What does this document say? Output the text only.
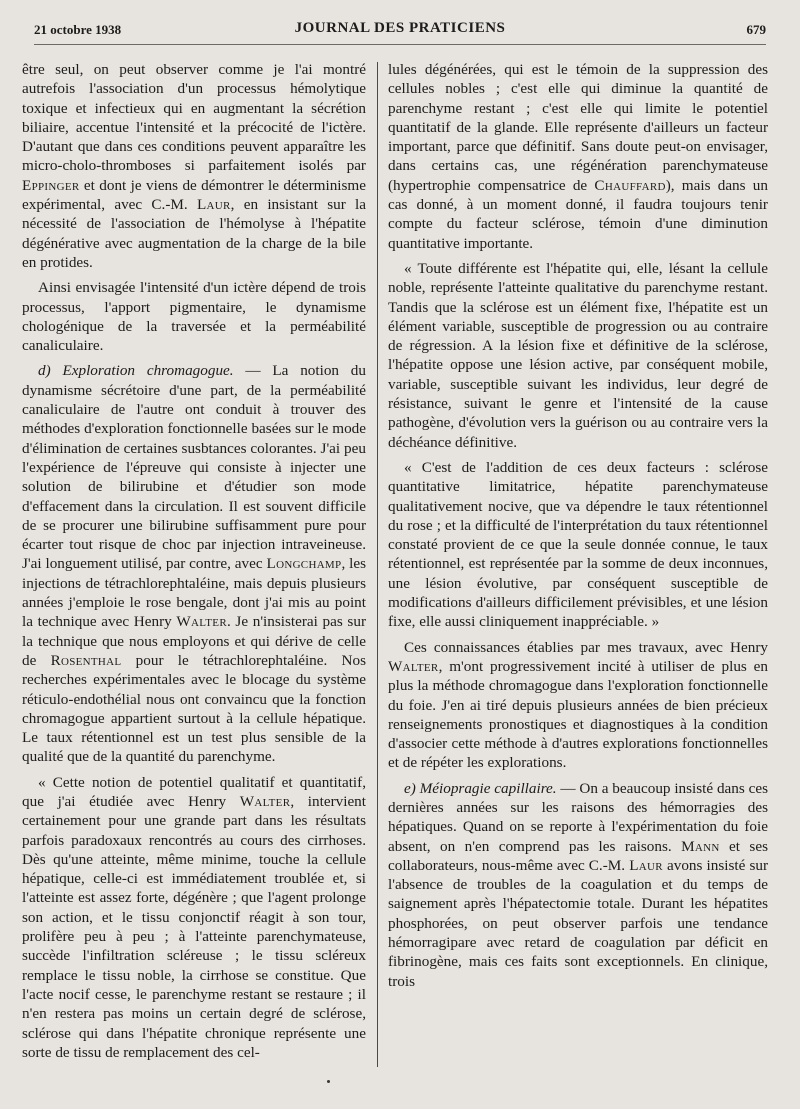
21 octobre 1938	JOURNAL DES PRATICIENS	679

être seul, on peut observer comme je l'ai montré autrefois l'association d'un processus hémolytique toxique et infectieux qui en augmentant la sécrétion biliaire, accentue l'intensité et la précocité de l'ictère. D'autant que dans ces conditions peuvent apparaître les micro-cholo-thromboses si parfaitement isolés par Eppinger et dont je viens de démontrer le déterminisme expérimental, avec C.-M. Laur, en insistant sur la nécessité de l'association de l'hémolyse à l'hépatite dégénérative avec augmentation de la charge de la bile en protides.

Ainsi envisagée l'intensité d'un ictère dépend de trois processus, l'apport pigmentaire, le dynamisme chologénique de la traversée et la perméabilité canaliculaire.

d) Exploration chromagogue. — La notion du dynamisme sécrétoire d'une part, de la perméabilité canaliculaire de l'autre ont conduit à trouver des méthodes d'exploration fonctionnelle basées sur le mode d'élimination de certaines susbtances colorantes. J'ai peu l'expérience de l'épreuve qui consiste à injecter une solution de bilirubine et d'étudier son mode d'effacement dans la circulation. Il est souvent difficile de se procurer une bilirubine suffisamment pure pour écarter tout risque de choc par injection intraveineuse. J'ai longuement utilisé, par contre, avec Longchamp, les injections de tétrachlorephtaléine, mais depuis plusieurs années j'emploie le rose bengale, dont j'ai mis au point la technique avec Henry Walter. Je n'insisterai pas sur la technique que nous employons et qui dérive de celle de Rosenthal pour le tétrachlorephtaléine. Nos recherches expérimentales avec le blocage du système réticulo-endothélial nous ont convaincu que la fonction chromagogue appartient surtout à la cellule hépatique. Le taux rétentionnel est un test plus sensible de la qualité que de la quantité du parenchyme.

« Cette notion de potentiel qualitatif et quantitatif, que j'ai étudiée avec Henry Walter, intervient certainement pour une grande part dans les résultats parfois paradoxaux rencontrés au cours des cirrhoses. Dès qu'une atteinte, même minime, touche la cellule hépatique, celle-ci est immédiatement troublée et, si l'atteinte est assez forte, dégénère ; que l'agent prolonge son action, et le tissu conjonctif réagit à son tour, prolifère peu à peu ; à l'atteinte parenchymateuse, succède l'infiltration scléreuse ; le tissu scléreux remplace le tissu noble, la cirrhose se constitue. Que l'acte nocif cesse, le parenchyme restant se restaure ; il n'en restera pas moins un certain degré de sclérose, sclérose qui dans l'hépatite chronique représente une sorte de tissu de remplacement des cel-

lules dégénérées, qui est le témoin de la suppression des cellules nobles ; c'est elle qui diminue la quantité de parenchyme restant ; c'est elle qui limite le potentiel quantitatif de la glande. Elle représente d'ailleurs un facteur important, parce que définitif. Sans doute peut-on envisager, dans certains cas, une régénération parenchymateuse (hypertrophie compensatrice de Chauffard), mais dans un cas donné, à un moment donné, il faudra toujours tenir compte du facteur sclérose, témoin d'une diminution quantitative importante.

« Toute différente est l'hépatite qui, elle, lésant la cellule noble, représente l'atteinte qualitative du parenchyme restant. Tandis que la sclérose est un élément fixe, l'hépatite est un élément variable, susceptible de progression ou au contraire de régression. A la lésion fixe et définitive de la sclérose, l'hépatite oppose une lésion active, par conséquent mobile, variable, susceptible suivant les individus, leur degré de résistance, suivant le genre et l'intensité de la cause pathogène, d'évolution vers la guérison ou au contraire vers la déchéance définitive.

« C'est de l'addition de ces deux facteurs : sclérose quantitative limitatrice, hépatite parenchymateuse qualitativement nocive, que va dépendre le taux rétentionnel du rose ; et la difficulté de l'interprétation du taux rétentionnel constaté provient de ce que la seule donnée connue, le taux rétentionnel, est représentée par la somme de deux inconnues, une lésion évolutive, par conséquent susceptible de modifications d'ailleurs difficilement prévisibles, et une lésion fixe, elle aussi cliniquement inappréciable. »

Ces connaissances établies par mes travaux, avec Henry Walter, m'ont progressivement incité à utiliser de plus en plus la méthode chromagogue dans l'exploration fonctionnelle du foie. J'en ai tiré depuis plusieurs années de bien précieux renseignements pronostiques et diagnostiques à la condition d'associer cette méthode à d'autres explorations fonctionnelles et de répéter les explorations.

e) Méiopragie capillaire. — On a beaucoup insisté dans ces dernières années sur les raisons des hémorragies des hépatiques. Quand on se reporte à l'expérimentation du foie absent, on n'en comprend pas les raisons. Mann et ses collaborateurs, nous-même avec C.-M. Laur avons insisté sur l'absence de troubles de la coagulation et du temps de saignement après l'hépatectomie totale. Durant les hépatites phosphorées, on peut observer parfois une tendance hémorragipare avec retard de coagulation par déficit en fibrinogène, mais ces faits sont exceptionnels. En clinique, trois
